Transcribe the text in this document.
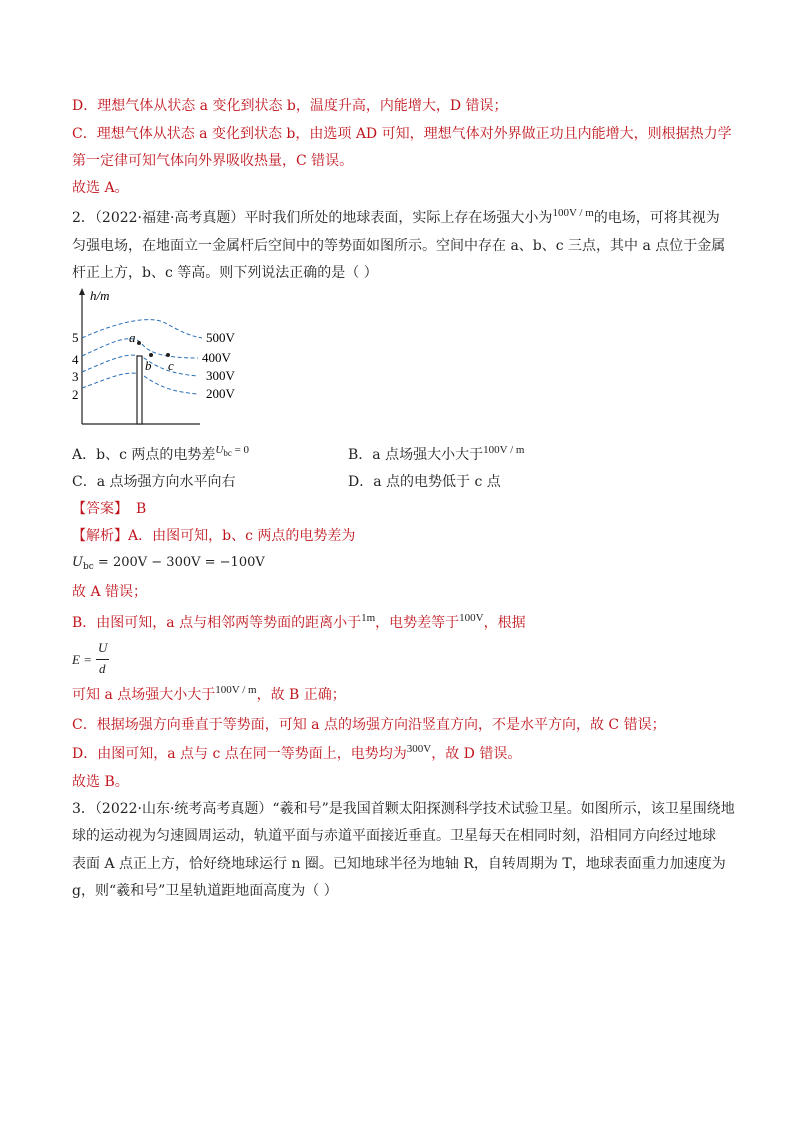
D．理想气体从状态 a 变化到状态 b，温度升高，内能增大，D 错误；
C．理想气体从状态 a 变化到状态 b，由选项 AD 可知，理想气体对外界做正功且内能增大，则根据热力学
第一定律可知气体向外界吸收热量，C 错误。
故选 A。
2．（2022·福建·高考真题）平时我们所处的地球表面，实际上存在场强大小为$^{100V / m}$的电场，可将其视为
匀强电场，在地面立一金属杆后空间中的等势面如图所示。空间中存在 a、b、c 三点，其中 a 点位于金属
杆正上方，b、c 等高。则下列说法正确的是（ ）
h/m
5
4
3
2
500V
400V
300V
200V
a
b c
A．b、c 两点的电势差$^{Ubc}$ $^{= 0}$	B．a 点场强大小大于$^{100V / m}$
C．a 点场强方向水平向右	D．a 点的电势低于 c 点
【答案】 B
【解析】A．由图可知，b、c 两点的电势差为
$U_{bc} = 200V - 300V = -100V$
故 A 错误；
B．由图可知，a 点与相邻两等势面的距离小于$^{1m}$，电势差等于$^{100V}$，根据
E =
U
d
可知 a 点场强大小大于$^{100V / m}$，故 B 正确；
C．根据场强方向垂直于等势面，可知 a 点的场强方向沿竖直方向，不是水平方向，故 C 错误；
D．由图可知，a 点与 c 点在同一等势面上，电势均为$^{300V}$，故 D 错误。
故选 B。
3．（2022·山东·统考高考真题）“羲和号”是我国首颗太阳探测科学技术试验卫星。如图所示，该卫星围绕地
球的运动视为匀速圆周运动，轨道平面与赤道平面接近垂直。卫星每天在相同时刻，沿相同方向经过地球
表面 A 点正上方，恰好绕地球运行 n 圈。已知地球半径为地轴 R，自转周期为 T，地球表面重力加速度为
g，则“羲和号”卫星轨道距地面高度为（ ）
